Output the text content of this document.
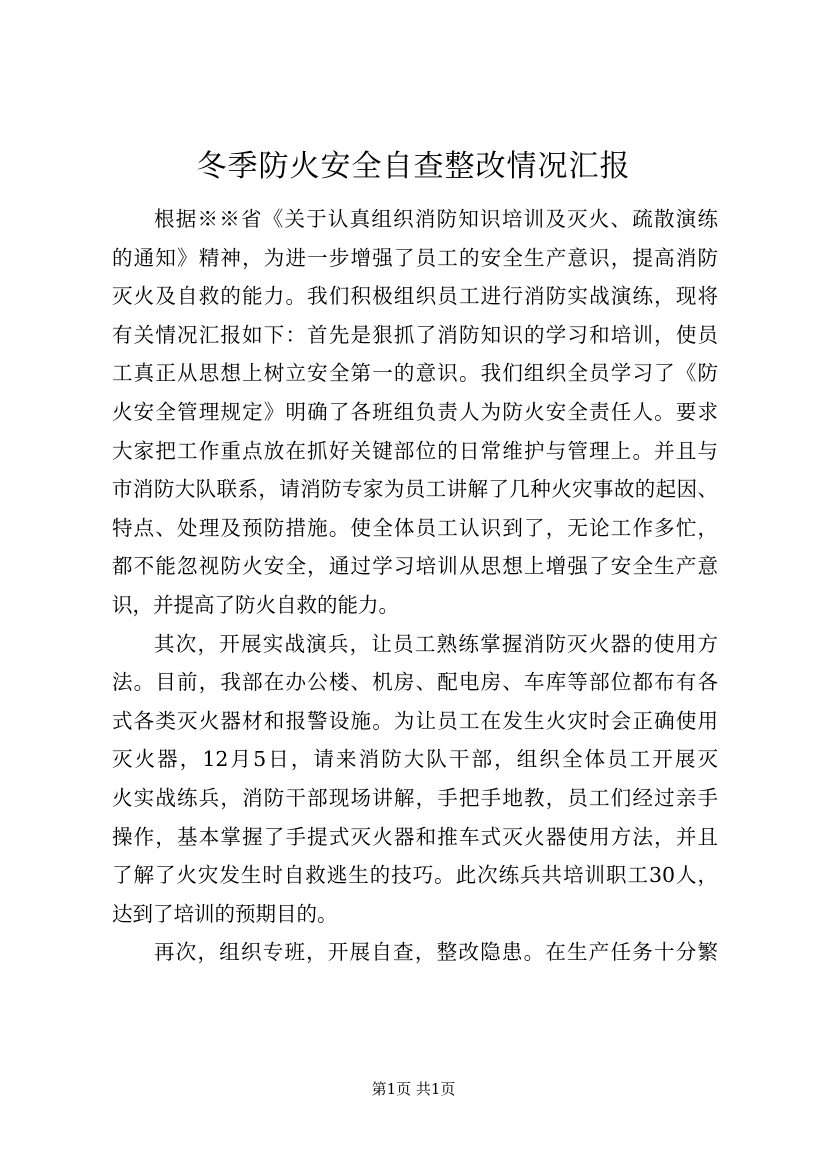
冬季防火安全自查整改情况汇报
根据※※省《关于认真组织消防知识培训及灭火、疏散演练
的通知》精神，为进一步增强了员工的安全生产意识，提高消防
灭火及自救的能力。我们积极组织员工进行消防实战演练，现将
有关情况汇报如下：首先是狠抓了消防知识的学习和培训，使员
工真正从思想上树立安全第一的意识。我们组织全员学习了《防
火安全管理规定》明确了各班组负责人为防火安全责任人。要求
大家把工作重点放在抓好关键部位的日常维护与管理上。并且与
市消防大队联系，请消防专家为员工讲解了几种火灾事故的起因、
特点、处理及预防措施。使全体员工认识到了，无论工作多忙，
都不能忽视防火安全，通过学习培训从思想上增强了安全生产意
识，并提高了防火自救的能力。
其次，开展实战演兵，让员工熟练掌握消防灭火器的使用方
法。目前，我部在办公楼、机房、配电房、车库等部位都布有各
式各类灭火器材和报警设施。为让员工在发生火灾时会正确使用
灭火器，12月5日，请来消防大队干部，组织全体员工开展灭
火实战练兵，消防干部现场讲解，手把手地教，员工们经过亲手
操作，基本掌握了手提式灭火器和推车式灭火器使用方法，并且
了解了火灾发生时自救逃生的技巧。此次练兵共培训职工30人，
达到了培训的预期目的。
再次，组织专班，开展自查，整改隐患。在生产任务十分繁
第1页 共1页
